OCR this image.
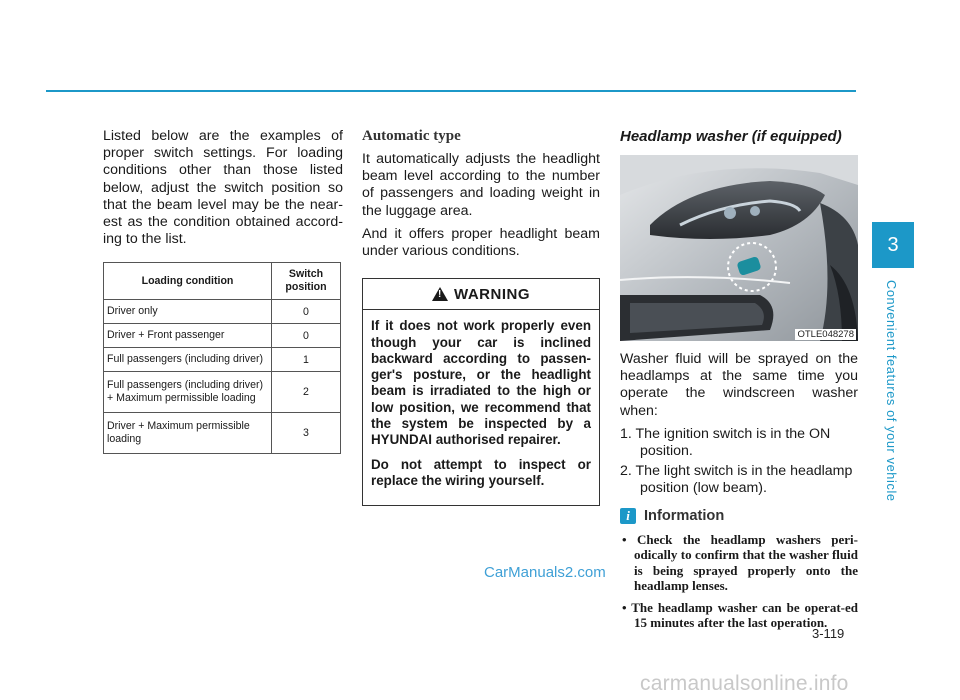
Listed below are the examples of proper switch settings. For loading conditions other than those listed below, adjust the switch position so that the beam level may be the near-est as the condition obtained accord-ing to the list.

Loading condition	Switch position
Driver only	0
Driver + Front passenger	0
Full passengers (including driver)	1
Full passengers (including driver) + Maximum permissible loading	2
Driver + Maximum permissible loading	3
Automatic type

It automatically adjusts the headlight beam level according to the number of passengers and loading weight in the luggage area.

And it offers proper headlight beam under various conditions.

! WARNING

If it does not work properly even though your car is inclined backward according to passen-ger's posture, or the headlight beam is irradiated to the high or low position, we recommend that the system be inspected by a HYUNDAI authorised repairer.

Do not attempt to inspect or replace the wiring yourself.

Headlamp washer (if equipped)
OTLE048278

Washer fluid will be sprayed on the headlamps at the same time you operate the windscreen washer when:

1. The ignition switch is in the ON position.
2. The light switch is in the headlamp position (low beam).
i Information
• Check the headlamp washers peri-odically to confirm that the washer fluid is being sprayed properly onto the headlamp lenses.
• The headlamp washer can be operat-ed 15 minutes after the last operation.
3
Convenient features of your vehicle
3-119
CarManuals2.com
carmanualsonline.info
